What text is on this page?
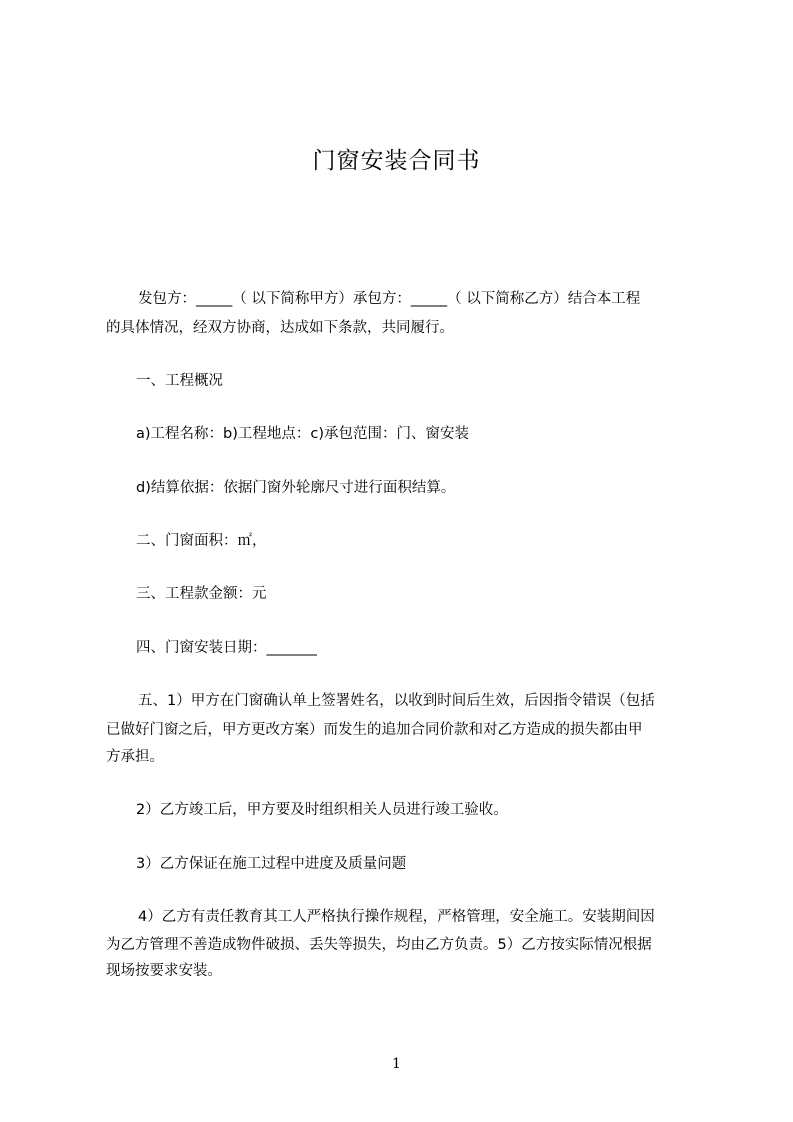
门窗安装合同书

发包方：_____（ 以下简称甲方）承包方：_____（ 以下简称乙方）结合本工程

的具体情况，经双方协商，达成如下条款，共同履行。

一、工程概况

a)工程名称：b)工程地点：c)承包范围：门、窗安装

d)结算依据：依据门窗外轮廓尺寸进行面积结算。

二、门窗面积：㎡，

三、工程款金额：元

四、门窗安装日期：_______

五、1）甲方在门窗确认单上签署姓名，以收到时间后生效，后因指令错误（包括

已做好门窗之后，甲方更改方案）而发生的追加合同价款和对乙方造成的损失都由甲

方承担。

2）乙方竣工后，甲方要及时组织相关人员进行竣工验收。

3）乙方保证在施工过程中进度及质量问题

4）乙方有责任教育其工人严格执行操作规程，严格管理，安全施工。安装期间因

为乙方管理不善造成物件破损、丢失等损失，均由乙方负责。5）乙方按实际情况根据

现场按要求安装。

1
